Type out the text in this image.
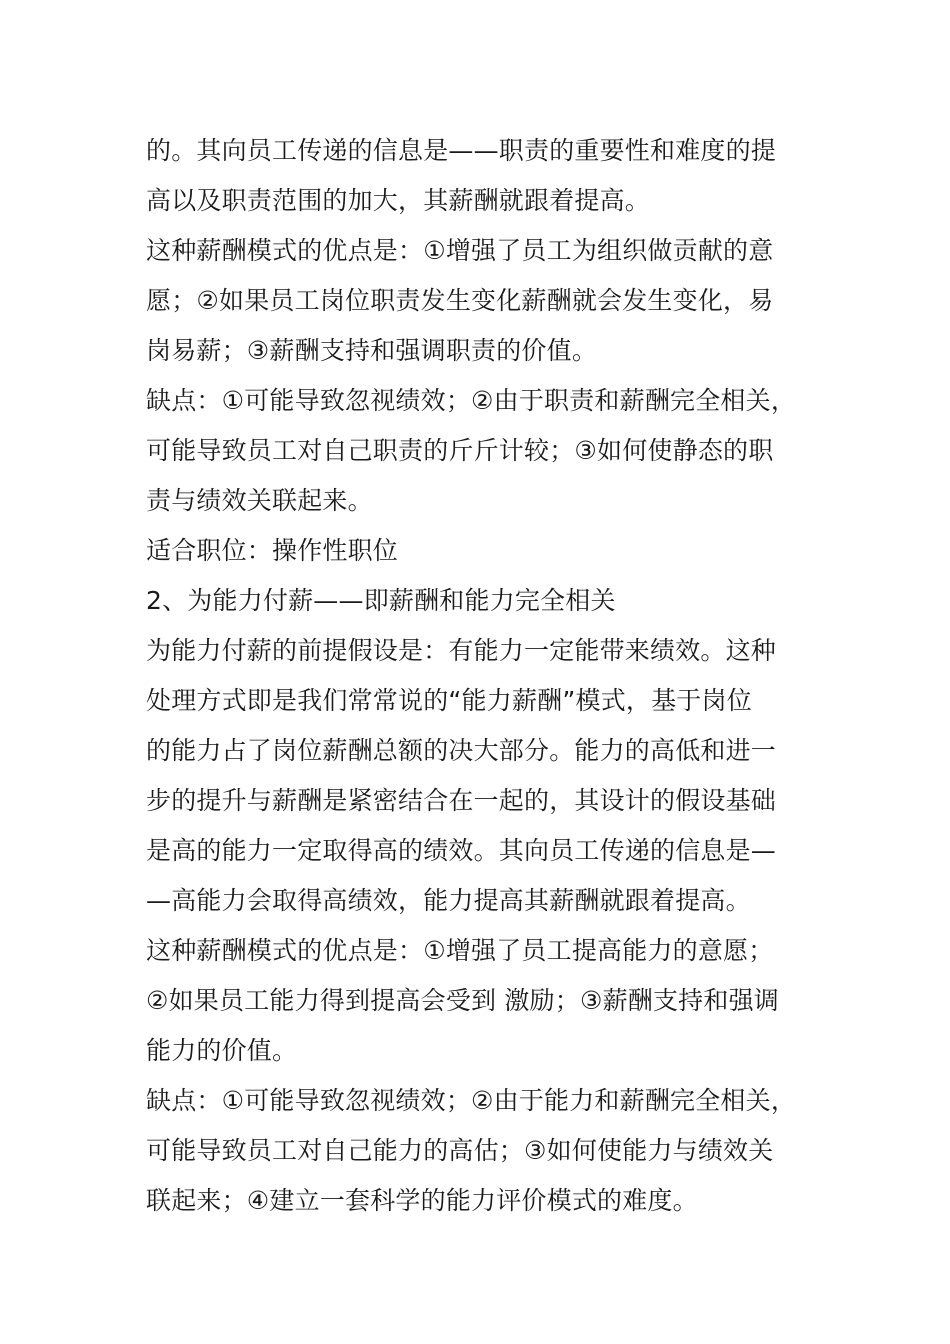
的。其向员工传递的信息是——职责的重要性和难度的提
高以及职责范围的加大，其薪酬就跟着提高。
这种薪酬模式的优点是：①增强了员工为组织做贡献的意
愿；②如果员工岗位职责发生变化薪酬就会发生变化，易
岗易薪；③薪酬支持和强调职责的价值。
缺点：①可能导致忽视绩效；②由于职责和薪酬完全相关，
可能导致员工对自己职责的斤斤计较；③如何使静态的职
责与绩效关联起来。
适合职位：操作性职位
2、为能力付薪——即薪酬和能力完全相关
为能力付薪的前提假设是：有能力一定能带来绩效。这种
处理方式即是我们常常说的“能力薪酬”模式，基于岗位
的能力占了岗位薪酬总额的决大部分。能力的高低和进一
步的提升与薪酬是紧密结合在一起的，其设计的假设基础
是高的能力一定取得高的绩效。其向员工传递的信息是—
—高能力会取得高绩效，能力提高其薪酬就跟着提高。
这种薪酬模式的优点是：①增强了员工提高能力的意愿；
②如果员工能力得到提高会受到 激励；③薪酬支持和强调
能力的价值。
缺点：①可能导致忽视绩效；②由于能力和薪酬完全相关，
可能导致员工对自己能力的高估；③如何使能力与绩效关
联起来；④建立一套科学的能力评价模式的难度。
